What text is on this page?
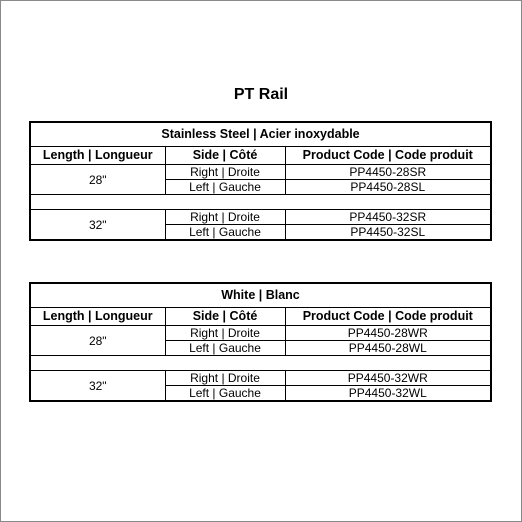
PT Rail
Stainless Steel | Acier inoxydable		
Length | Longueur	Side | Côté	Product Code | Code produit
28"	Right | Droite	PP4450-28SR
	Left | Gauche	PP4450-28SL

32"	Right | Droite	PP4450-32SR
	Left | Gauche	PP4450-32SL
White | Blanc		
Length | Longueur	Side | Côté	Product Code | Code produit
28"	Right | Droite	PP4450-28WR
	Left | Gauche	PP4450-28WL

32"	Right | Droite	PP4450-32WR
	Left | Gauche	PP4450-32WL
